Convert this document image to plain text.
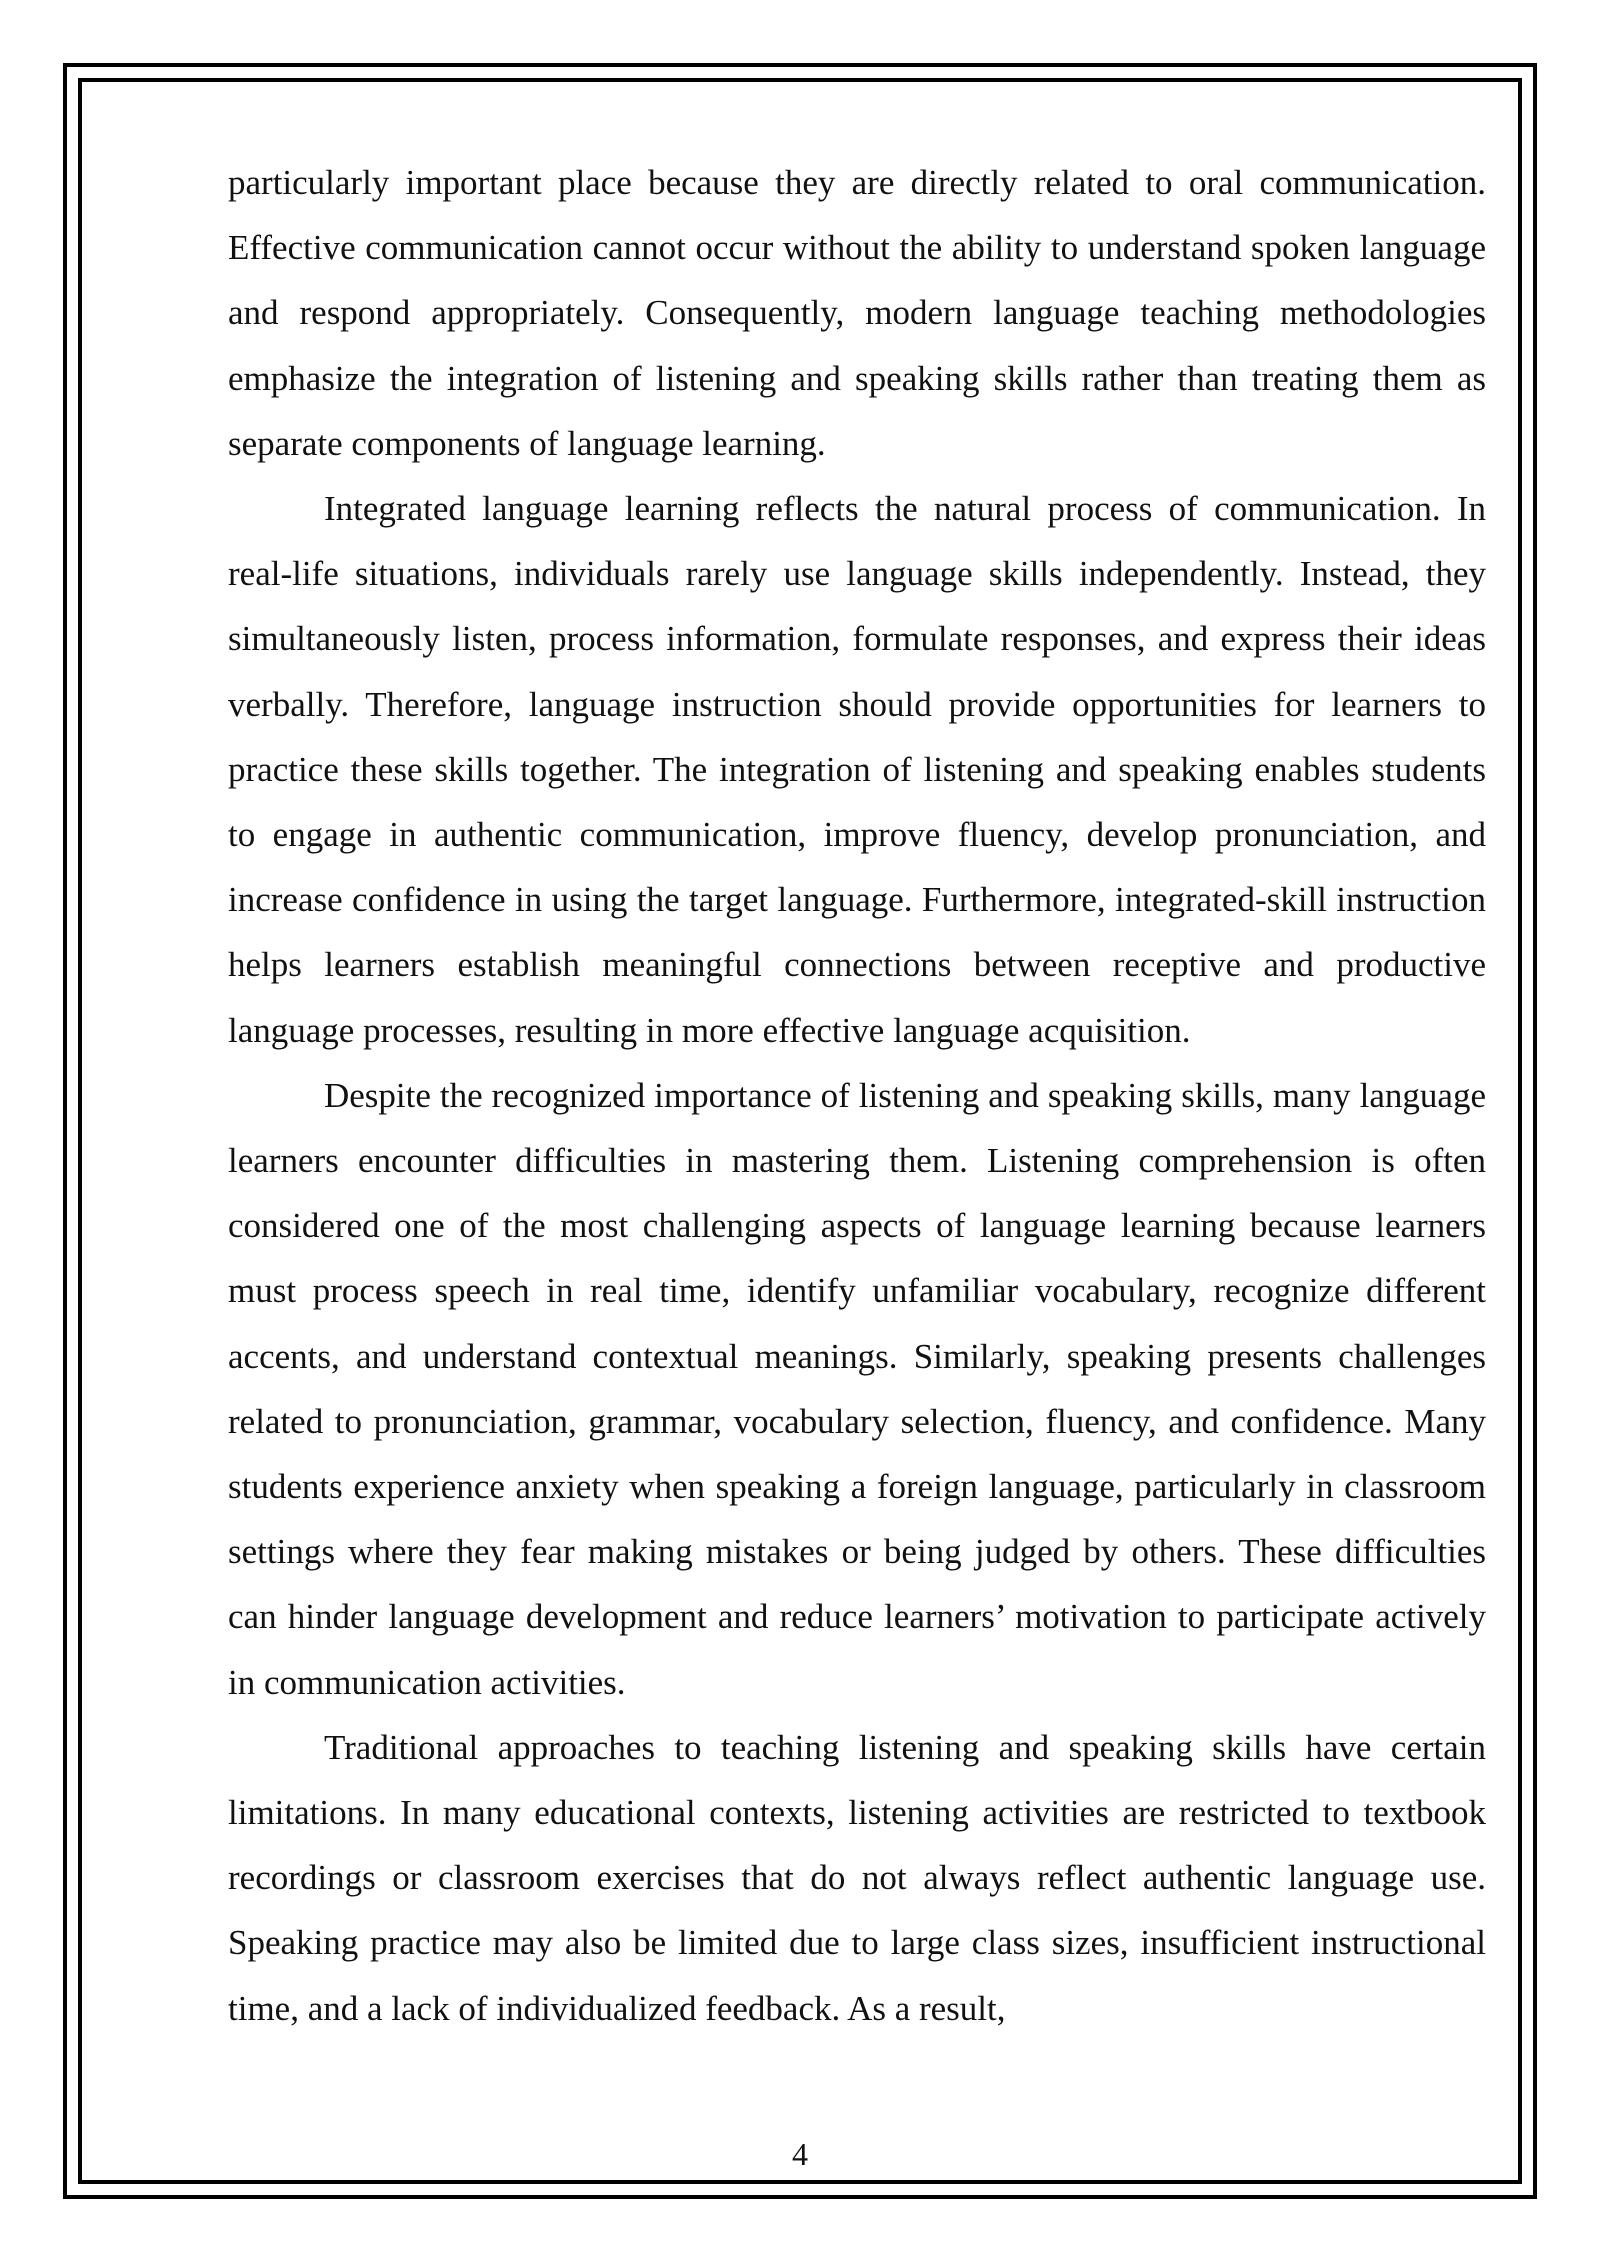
particularly important place because they are directly related to oral communication. Effective communication cannot occur without the ability to understand spoken language and respond appropriately. Consequently, modern language teaching methodologies emphasize the integration of listening and speaking skills rather than treating them as separate components of language learning.

Integrated language learning reflects the natural process of communication. In real-life situations, individuals rarely use language skills independently. Instead, they simultaneously listen, process information, formulate responses, and express their ideas verbally. Therefore, language instruction should provide opportunities for learners to practice these skills together. The integration of listening and speaking enables students to engage in authentic communication, improve fluency, develop pronunciation, and increase confidence in using the target language. Furthermore, integrated-skill instruction helps learners establish meaningful connections between receptive and productive language processes, resulting in more effective language acquisition.

Despite the recognized importance of listening and speaking skills, many language learners encounter difficulties in mastering them. Listening comprehension is often considered one of the most challenging aspects of language learning because learners must process speech in real time, identify unfamiliar vocabulary, recognize different accents, and understand contextual meanings. Similarly, speaking presents challenges related to pronunciation, grammar, vocabulary selection, fluency, and confidence. Many students experience anxiety when speaking a foreign language, particularly in classroom settings where they fear making mistakes or being judged by others. These difficulties can hinder language development and reduce learners’ motivation to participate actively in communication activities.

Traditional approaches to teaching listening and speaking skills have certain limitations. In many educational contexts, listening activities are restricted to textbook recordings or classroom exercises that do not always reflect authentic language use. Speaking practice may also be limited due to large class sizes, insufficient instructional time, and a lack of individualized feedback. As a result,

4
